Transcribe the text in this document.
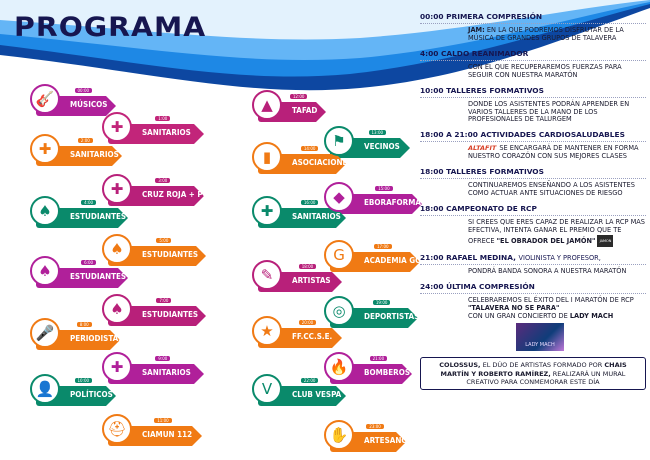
PROGRAMA
00:00
🎸	MÚSICOS
1:00
✚	SANITARIOS
2:00
✚	SANITARIOS
3:00
✚	CRUZ ROJA + PC
4:00
♠	ESTUDIANTES
5:00
♠	ESTUDIANTES
6:00
♠	ESTUDIANTES
7:00
♠	ESTUDIANTES
8:00
🎤	PERIODISTAS
9:00
✚	SANITARIOS
10:00
👤	POLÍTICOS
11:00
⛑	CIAMUN 112
12:00
▲	TAFAD
13:00
⚑	VECINOS
14:00
▮	ASOCIACIONES
15:00
◆	EBORAFORMACIÓN
16:00
✚	SANITARIOS
17:00
G	ACADEMIA GOMA
18:00
✎	ARTISTAS
19:00
◎	DEPORTISTAS
20:00
★	FF.CC.S.E.
21:00
🔥	BOMBEROS
22:00
V	CLUB VESPA
23:00
✋	ARTESANOS
00:00 PRIMERA COMPRESIÓN
JAM: EN LA QUE PODREMOS DISFRUTAR DE LA MÚSICA DE GRANDES GRUPOS DE TALAVERA
4:00 CALDO REANIMADOR
CON EL QUE RECUPERAREMOS FUERZAS PARA SEGUIR CON NUESTRA MARATÓN
10:00 TALLERES FORMATIVOS
DONDE LOS ASISTENTES PODRÁN APRENDER EN VARIOS TALLERES DE LA MANO DE LOS PROFESIONALES DE TALURGEM
18:00 A 21:00 ACTIVIDADES CARDIOSALUDABLES
ALTAFIT SE ENCARGARÁ DE MANTENER EN FORMA NUESTRO CORAZÓN CON SUS MEJORES CLASES
18:00 TALLERES FORMATIVOS
CONTINUAREMOS ENSEÑANDO A LOS ASISTENTES COMO ACTUAR ANTE SITUACIONES DE RIESGO
18:00 CAMPEONATO DE RCP
SI CREES QUE ERES CAPAZ DE REALIZAR LA RCP MAS EFECTIVA, INTENTA GANAR EL PREMIO QUE TE OFRECE "EL OBRADOR DEL JAMÓN" JAMON
21:00 RAFAEL MEDINA, VIOLINISTA Y PROFESOR,
PONDRÁ BANDA SONORA A NUESTRA MARATÓN
24:00 ÚLTIMA COMPRESIÓN
CELEBRAREMOS EL ÉXITO DEL I MARATÓN DE RCP "TALAVERA NO SE PARA"
CON UN GRAN CONCIERTO DE LADY MACH
LADY MACH
COLOSSUS, EL DÚO DE ARTISTAS FORMADO POR CHAIS MARTÍN Y ROBERTO RAMÍREZ, REALIZARÁ UN MURAL CREATIVO PARA CONMEMORAR ESTE DÍA
